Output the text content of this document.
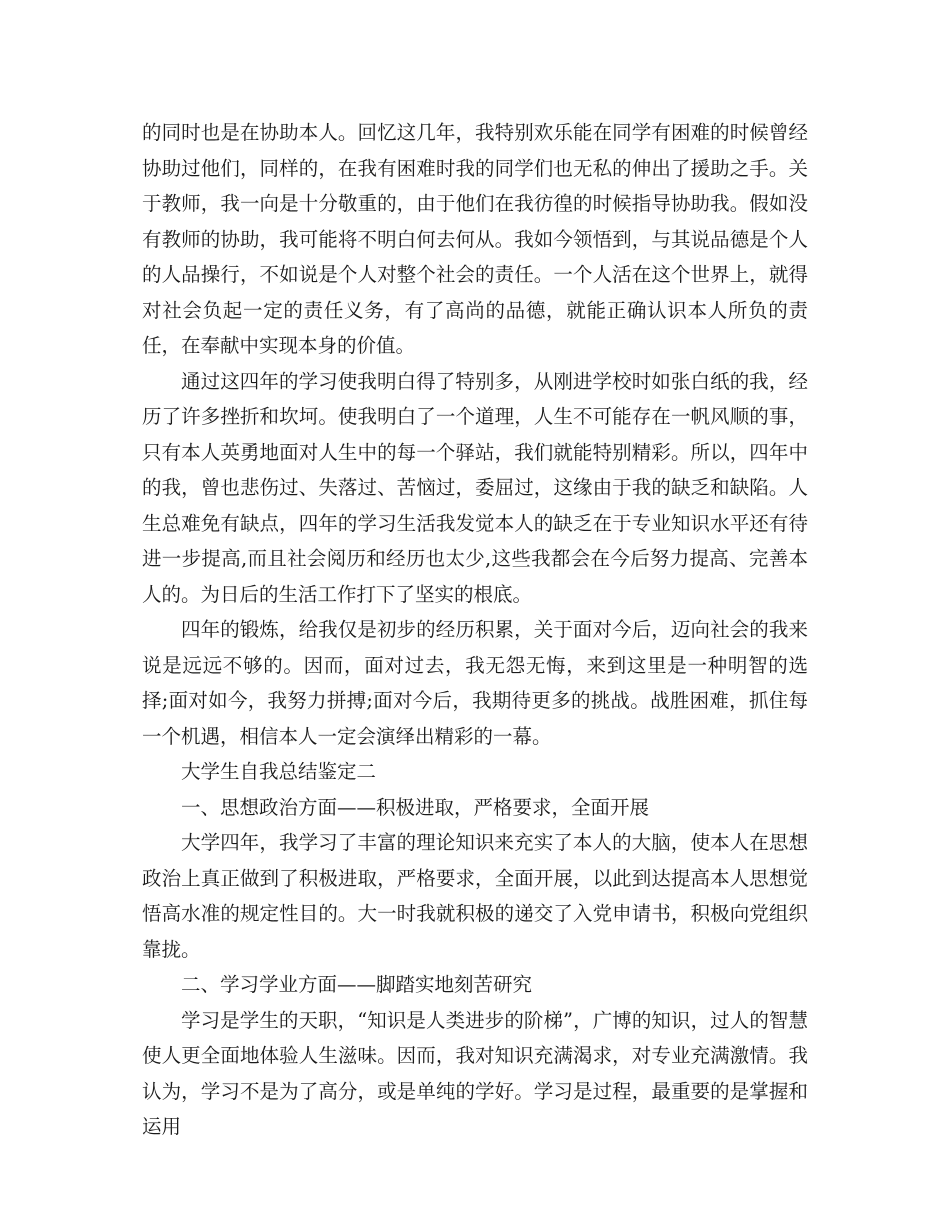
的同时也是在协助本人。回忆这几年，我特别欢乐能在同学有困难的时候曾经协助过他们，同样的，在我有困难时我的同学们也无私的伸出了援助之手。关于教师，我一向是十分敬重的，由于他们在我彷徨的时候指导协助我。假如没有教师的协助，我可能将不明白何去何从。我如今领悟到，与其说品德是个人的人品操行，不如说是个人对整个社会的责任。一个人活在这个世界上，就得对社会负起一定的责任义务，有了高尚的品德，就能正确认识本人所负的责任，在奉献中实现本身的价值。

通过这四年的学习使我明白得了特别多，从刚进学校时如张白纸的我，经历了许多挫折和坎坷。使我明白了一个道理，人生不可能存在一帆风顺的事，只有本人英勇地面对人生中的每一个驿站，我们就能特别精彩。所以，四年中的我，曾也悲伤过、失落过、苦恼过，委屈过，这缘由于我的缺乏和缺陷。人生总难免有缺点，四年的学习生活我发觉本人的缺乏在于专业知识水平还有待进一步提高,而且社会阅历和经历也太少,这些我都会在今后努力提高、完善本人的。为日后的生活工作打下了坚实的根底。

四年的锻炼，给我仅是初步的经历积累，关于面对今后，迈向社会的我来说是远远不够的。因而，面对过去，我无怨无悔，来到这里是一种明智的选择;面对如今，我努力拼搏;面对今后，我期待更多的挑战。战胜困难，抓住每一个机遇，相信本人一定会演绎出精彩的一幕。

大学生自我总结鉴定二

一、思想政治方面——积极进取，严格要求，全面开展

大学四年，我学习了丰富的理论知识来充实了本人的大脑，使本人在思想政治上真正做到了积极进取，严格要求，全面开展，以此到达提高本人思想觉悟高水准的规定性目的。大一时我就积极的递交了入党申请书，积极向党组织靠拢。

二、学习学业方面——脚踏实地刻苦研究

学习是学生的天职，“知识是人类进步的阶梯”，广博的知识，过人的智慧使人更全面地体验人生滋味。因而，我对知识充满渴求，对专业充满激情。我认为，学习不是为了高分，或是单纯的学好。学习是过程，最重要的是掌握和运用
